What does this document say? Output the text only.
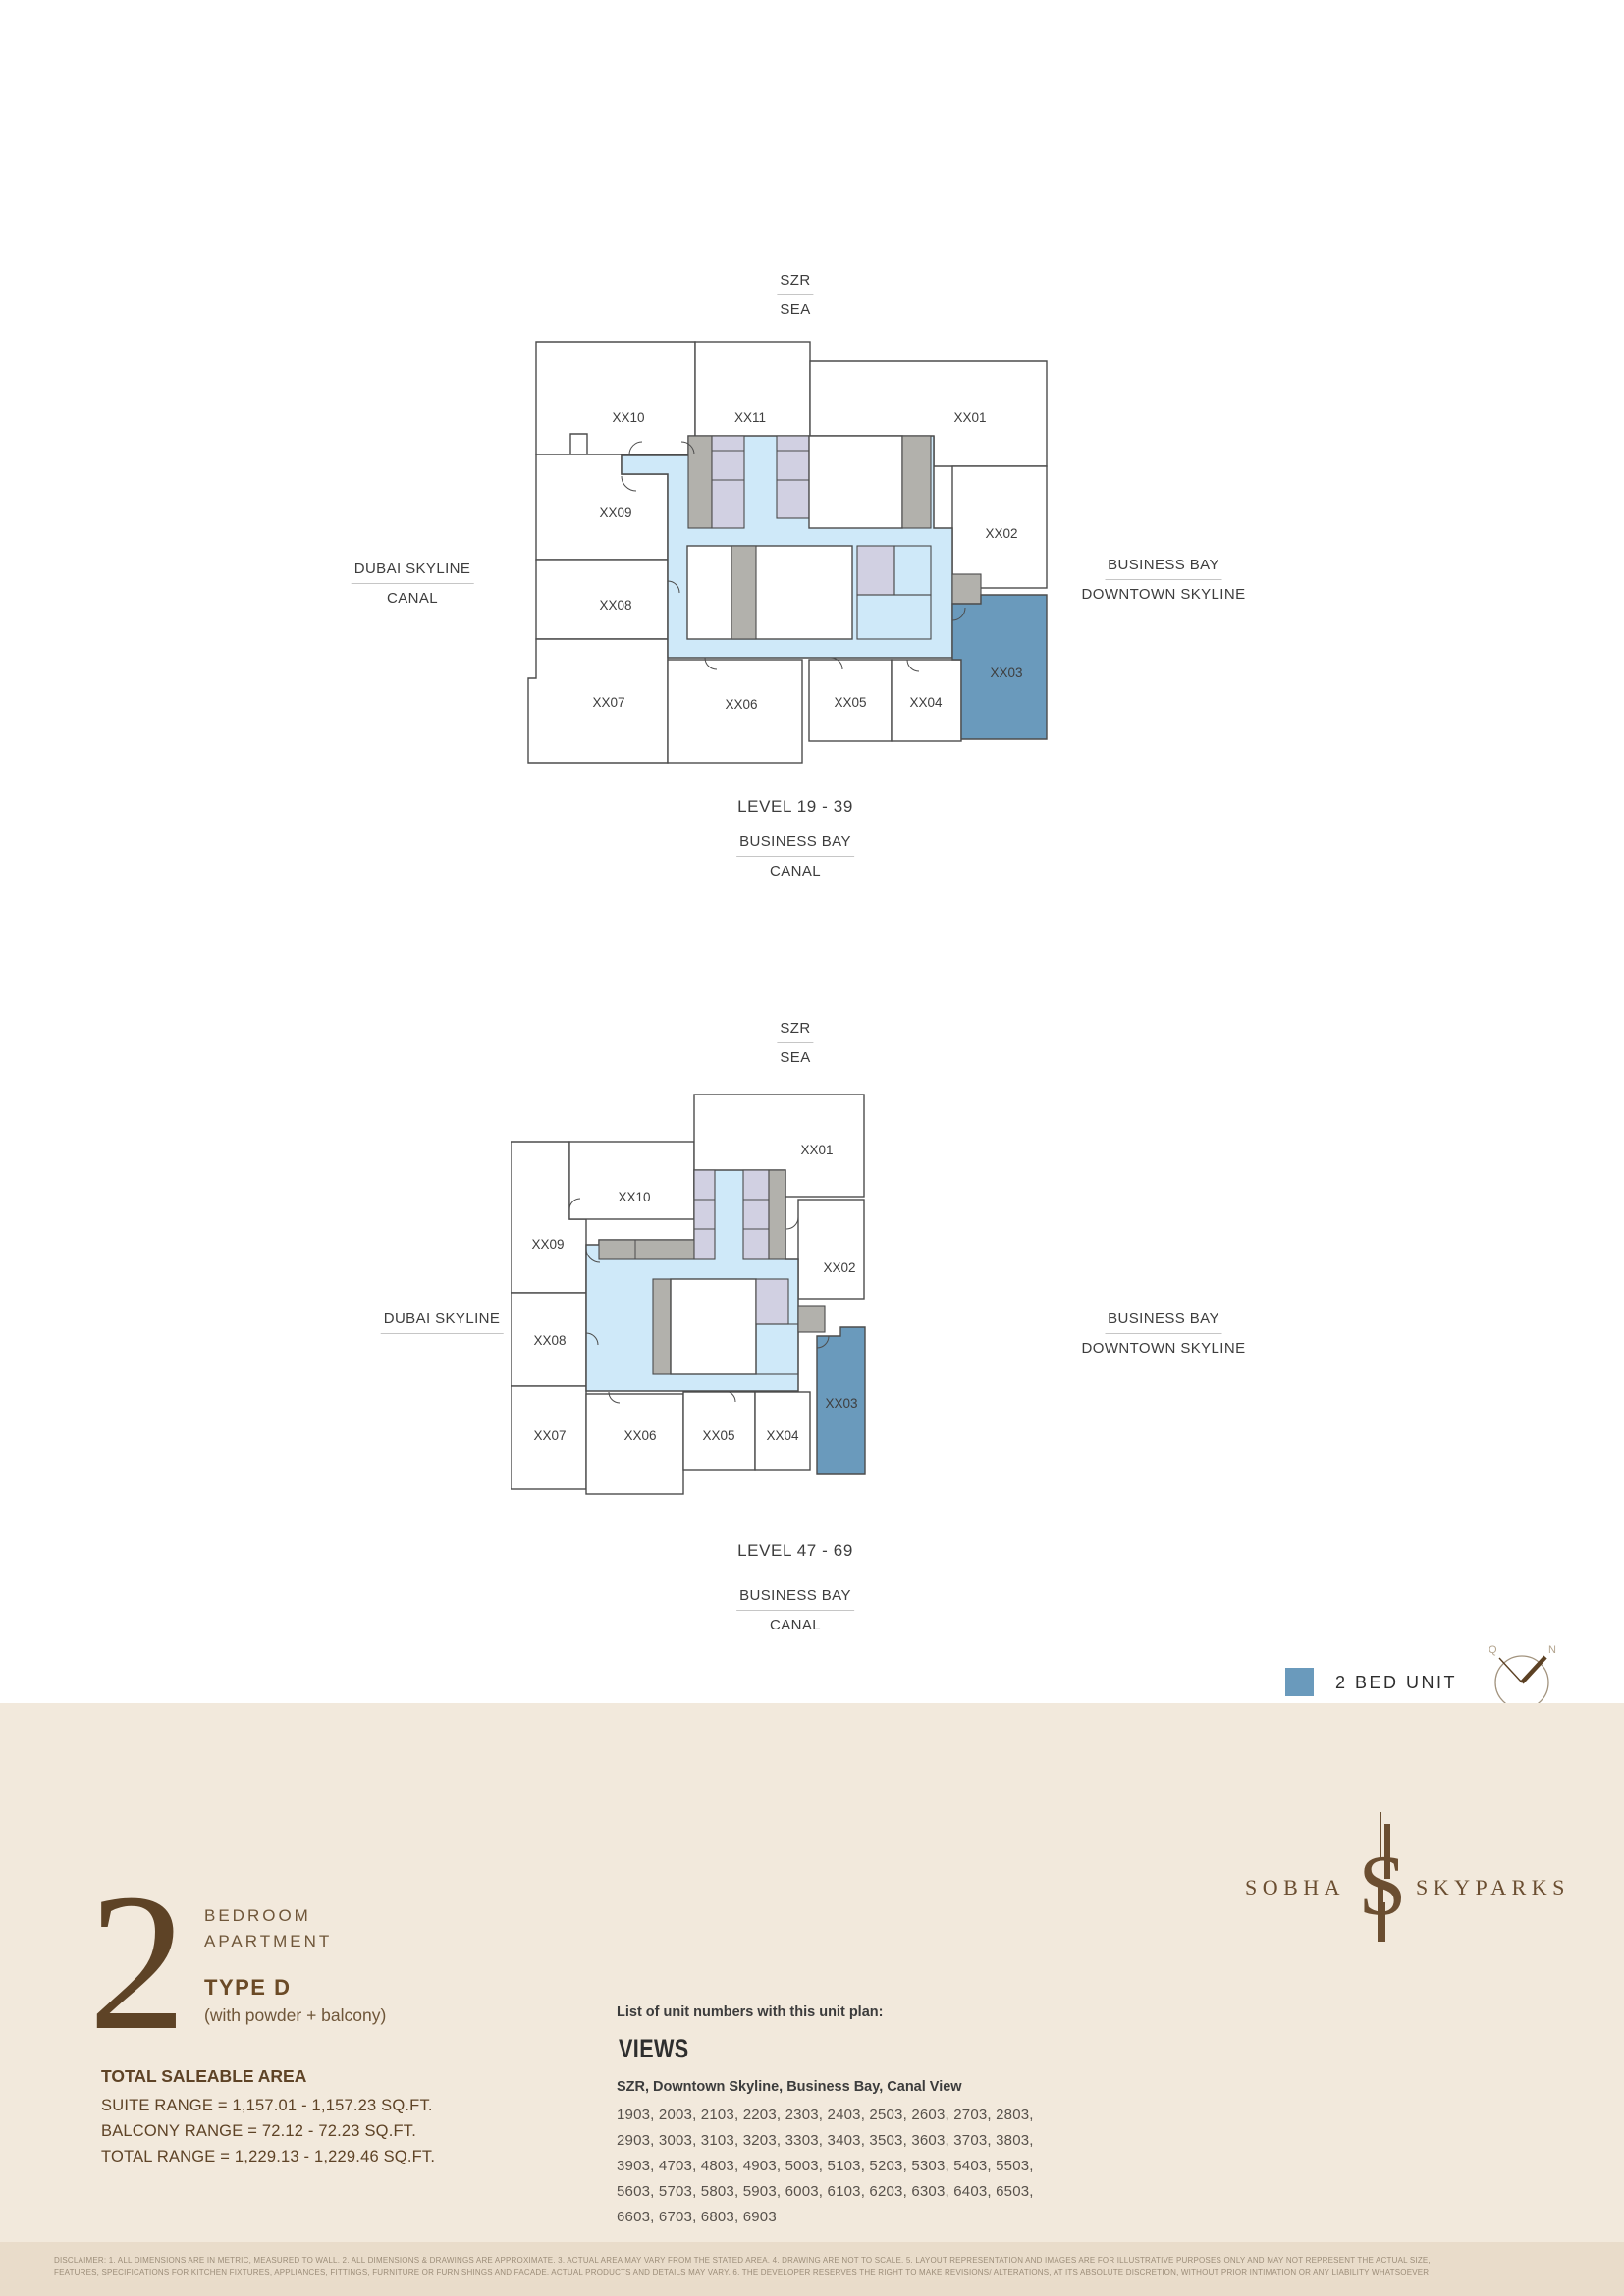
SZR
SEA
DUBAI SKYLINE
CANAL
BUSINESS BAY
DOWNTOWN SKYLINE
XX10	XX11	XX01
XX02
XX03
XX04
XX05
XX06
XX07
XX08
XX09
LEVEL 19 - 39
BUSINESS BAY
CANAL
SZR
SEA
DUBAI SKYLINE	BUSINESS BAY
DOWNTOWN SKYLINE
XX10
XX01
XX02
XX03
XX04
XX05
XX06
XX07
XX08
XX09
LEVEL 47 - 69
BUSINESS BAY
CANAL
2 BED UNIT
Q	N
2 BEDROOM
APARTMENT
TYPE D
(with powder + balcony)
TOTAL SALEABLE AREA
SUITE RANGE = 1,157.01 - 1,157.23 SQ.FT.
BALCONY RANGE = 72.12 - 72.23 SQ.FT.
TOTAL RANGE = 1,229.13 - 1,229.46 SQ.FT.
List of unit numbers with this unit plan:
VIEWS
SZR, Downtown Skyline, Business Bay, Canal View
1903, 2003, 2103, 2203, 2303, 2403, 2503, 2603, 2703, 2803, 2903, 3003, 3103, 3203, 3303, 3403, 3503, 3603, 3703, 3803, 3903, 4703, 4803, 4903, 5003, 5103, 5203, 5303, 5403, 5503, 5603, 5703, 5803, 5903, 6003, 6103, 6203, 6303, 6403, 6503, 6603, 6703, 6803, 6903
SOBHA S SKYPARKS
DISCLAIMER: 1. ALL DIMENSIONS ARE IN METRIC, MEASURED TO WALL. 2. ALL DIMENSIONS & DRAWINGS ARE APPROXIMATE. 3. ACTUAL AREA MAY VARY FROM THE STATED AREA. 4. DRAWING ARE NOT TO SCALE. 5. LAYOUT REPRESENTATION AND IMAGES ARE FOR ILLUSTRATIVE PURPOSES ONLY AND MAY NOT REPRESENT THE ACTUAL SIZE,
FEATURES, SPECIFICATIONS FOR KITCHEN FIXTURES, APPLIANCES, FITTINGS, FURNITURE OR FURNISHINGS AND FACADE. ACTUAL PRODUCTS AND DETAILS MAY VARY. 6. THE DEVELOPER RESERVES THE RIGHT TO MAKE REVISIONS/ ALTERATIONS, AT ITS ABSOLUTE DISCRETION, WITHOUT PRIOR INTIMATION OR ANY LIABILITY WHATSOEVER
